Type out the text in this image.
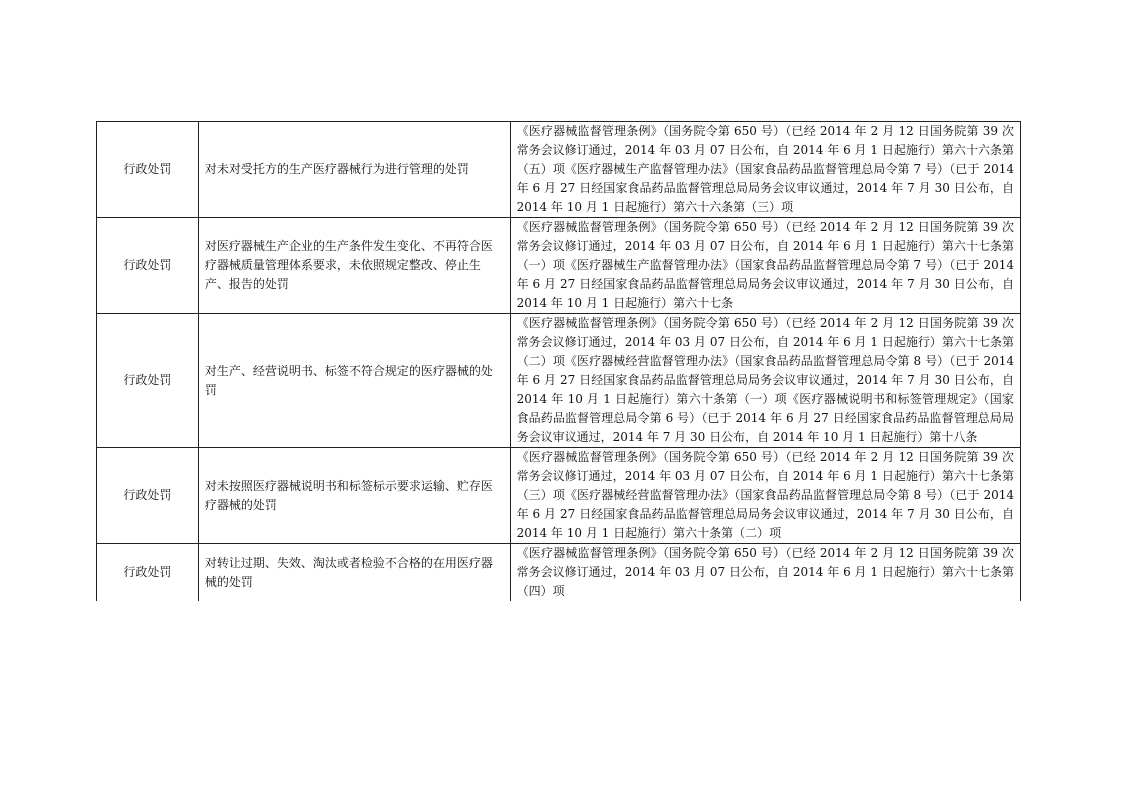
行政处罚	对未对受托方的生产医疗器械行为进行管理的处罚	《医疗器械监督管理条例》（国务院令第 650 号）（已经 2014 年 2 月 12 日国务院第 39 次常务会议修订通过，2014 年 03 月 07 日公布，自 2014 年 6 月 1 日起施行）第六十六条第（五）项《医疗器械生产监督管理办法》（国家食品药品监督管理总局令第 7 号）（已于 2014 年 6 月 27 日经国家食品药品监督管理总局局务会议审议通过，2014 年 7 月 30 日公布，自 2014 年 10 月 1 日起施行）第六十六条第（三）项
行政处罚	对医疗器械生产企业的生产条件发生变化、不再符合医疗器械质量管理体系要求，未依照规定整改、停止生产、报告的处罚	《医疗器械监督管理条例》（国务院令第 650 号）（已经 2014 年 2 月 12 日国务院第 39 次常务会议修订通过，2014 年 03 月 07 日公布，自 2014 年 6 月 1 日起施行）第六十七条第（一）项《医疗器械生产监督管理办法》（国家食品药品监督管理总局令第 7 号）（已于 2014 年 6 月 27 日经国家食品药品监督管理总局局务会议审议通过，2014 年 7 月 30 日公布，自 2014 年 10 月 1 日起施行）第六十七条
行政处罚	对生产、经营说明书、标签不符合规定的医疗器械的处罚	《医疗器械监督管理条例》（国务院令第 650 号）（已经 2014 年 2 月 12 日国务院第 39 次常务会议修订通过，2014 年 03 月 07 日公布，自 2014 年 6 月 1 日起施行）第六十七条第（二）项《医疗器械经营监督管理办法》（国家食品药品监督管理总局令第 8 号）（已于 2014 年 6 月 27 日经国家食品药品监督管理总局局务会议审议通过，2014 年 7 月 30 日公布，自 2014 年 10 月 1 日起施行）第六十条第（一）项《医疗器械说明书和标签管理规定》（国家食品药品监督管理总局令第 6 号）（已于 2014 年 6 月 27 日经国家食品药品监督管理总局局务会议审议通过，2014 年 7 月 30 日公布，自 2014 年 10 月 1 日起施行）第十八条
行政处罚	对未按照医疗器械说明书和标签标示要求运输、贮存医疗器械的处罚	《医疗器械监督管理条例》（国务院令第 650 号）（已经 2014 年 2 月 12 日国务院第 39 次常务会议修订通过，2014 年 03 月 07 日公布，自 2014 年 6 月 1 日起施行）第六十七条第（三）项《医疗器械经营监督管理办法》（国家食品药品监督管理总局令第 8 号）（已于 2014 年 6 月 27 日经国家食品药品监督管理总局局务会议审议通过，2014 年 7 月 30 日公布，自 2014 年 10 月 1 日起施行）第六十条第（二）项
行政处罚	对转让过期、失效、淘汰或者检验不合格的在用医疗器械的处罚	《医疗器械监督管理条例》（国务院令第 650 号）（已经 2014 年 2 月 12 日国务院第 39 次常务会议修订通过，2014 年 03 月 07 日公布，自 2014 年 6 月 1 日起施行）第六十七条第（四）项
